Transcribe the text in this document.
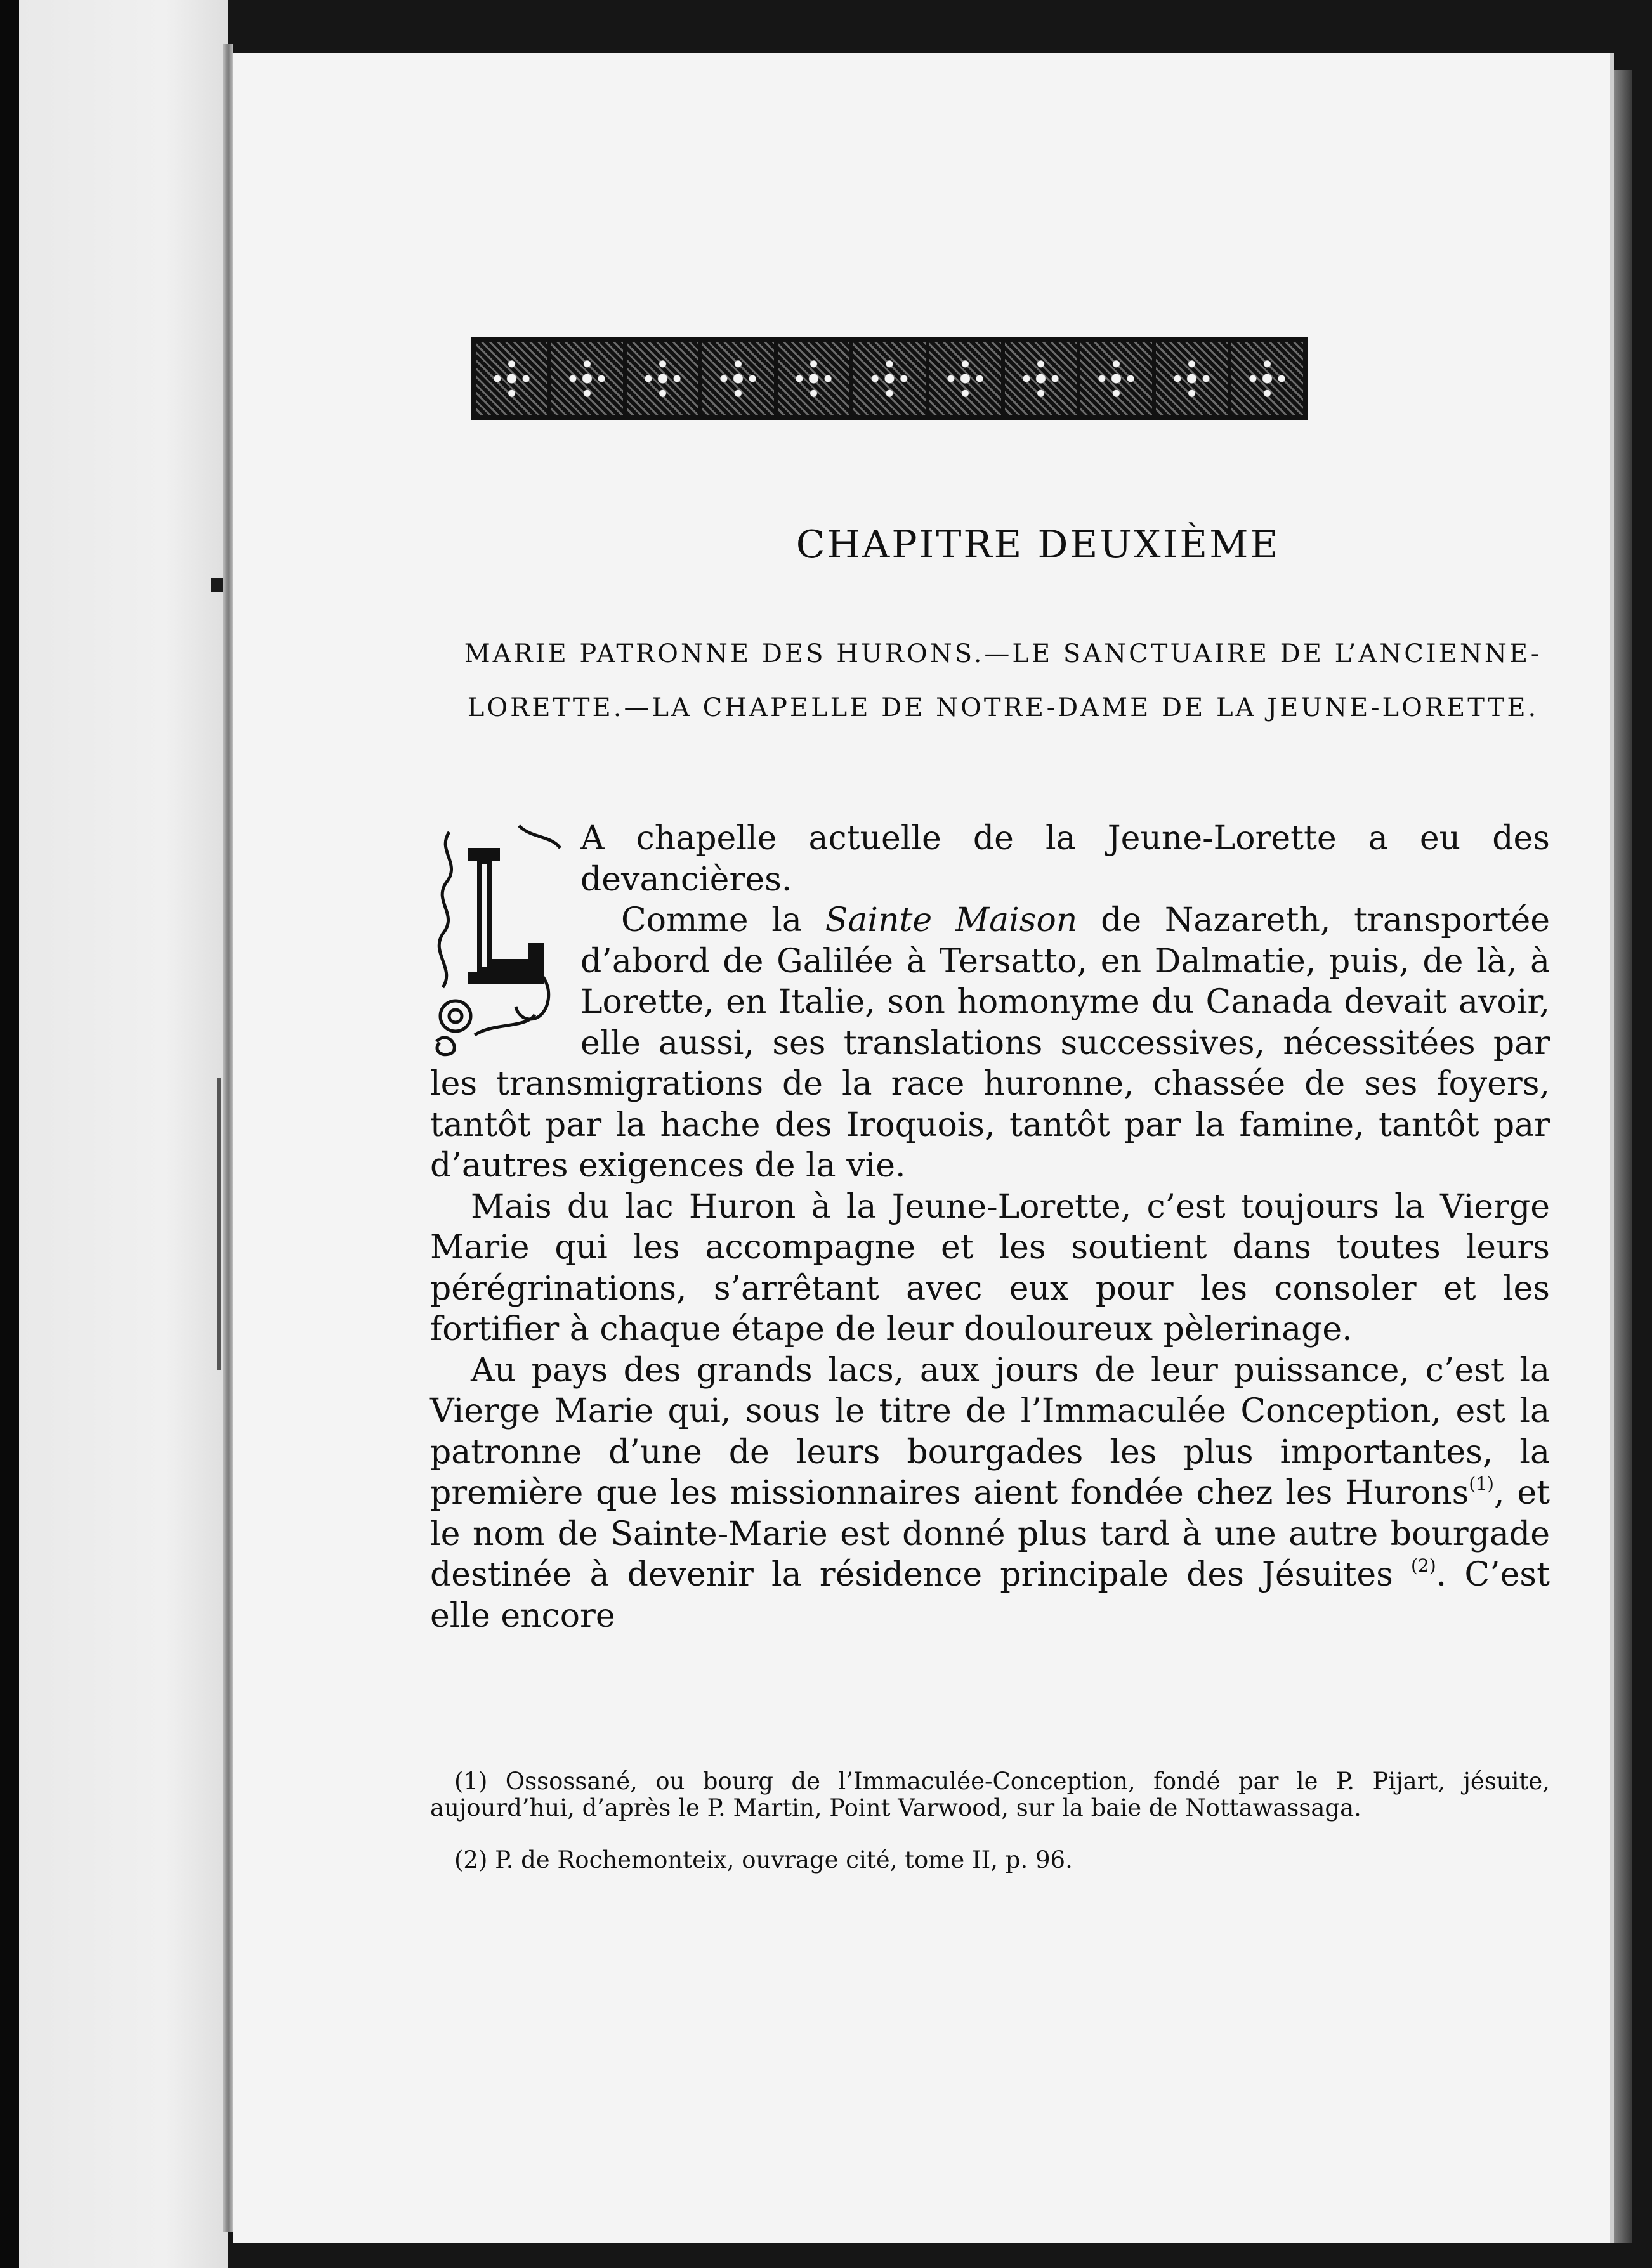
CHAPITRE DEUXIÈME

MARIE PATRONNE DES HURONS.—LE SANCTUAIRE DE L’ANCIENNE-LORETTE.—LA CHAPELLE DE NOTRE-DAME DE LA JEUNE-LORETTE.

A chapelle actuelle de la Jeune-Lorette a eu des devancières.

Comme la Sainte Maison de Nazareth, transportée d’abord de Galilée à Tersatto, en Dalmatie, puis, de là, à Lorette, en Italie, son homonyme du Canada devait avoir, elle aussi, ses translations successives, nécessitées par les transmigrations de la race huronne, chassée de ses foyers, tantôt par la hache des Iroquois, tantôt par la famine, tantôt par d’autres exigences de la vie.

Mais du lac Huron à la Jeune-Lorette, c’est toujours la Vierge Marie qui les accompagne et les soutient dans toutes leurs pérégrinations, s’arrêtant avec eux pour les consoler et les fortifier à chaque étape de leur douloureux pèlerinage.

Au pays des grands lacs, aux jours de leur puissance, c’est la Vierge Marie qui, sous le titre de l’Immaculée Conception, est la patronne d’une de leurs bourgades les plus importantes, la première que les missionnaires aient fondée chez les Hurons$^{(1)}$, et le nom de Sainte-Marie est donné plus tard à une autre bourgade destinée à devenir la résidence principale des Jésuites $^{(2)}$. C’est elle encore

(1) Ossossané, ou bourg de l’Immaculée-Conception, fondé par le P. Pijart, jésuite, aujourd’hui, d’après le P. Martin, Point Varwood, sur la baie de Nottawassaga.

(2) P. de Rochemonteix, ouvrage cité, tome II, p. 96.
